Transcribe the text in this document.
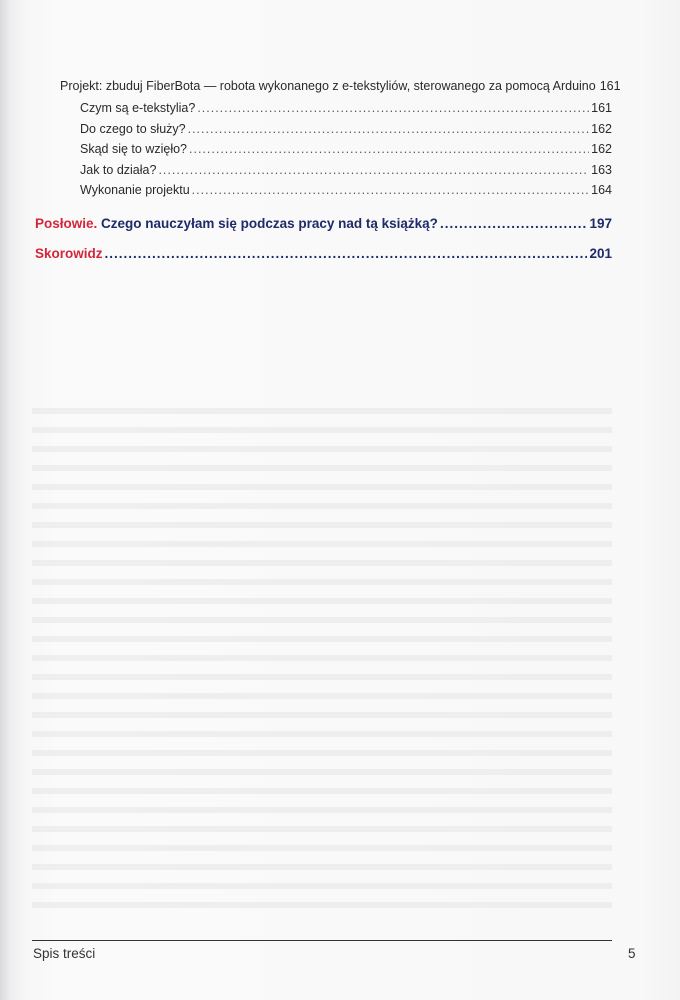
Projekt: zbuduj FiberBota — robota wykonanego z e-tekstyliów, sterowanego za pomocą Arduino 161
Czym są e-tekstylia? .....	161
Do czego to służy? .....	162
Skąd się to wzięło? .....	162
Jak to działa? .....	163
Wykonanie projektu .....	164
Posłowie. Czego nauczyłam się podczas pracy nad tą książką? .....	197
Skorowidz .....	201
Spis treści	5
